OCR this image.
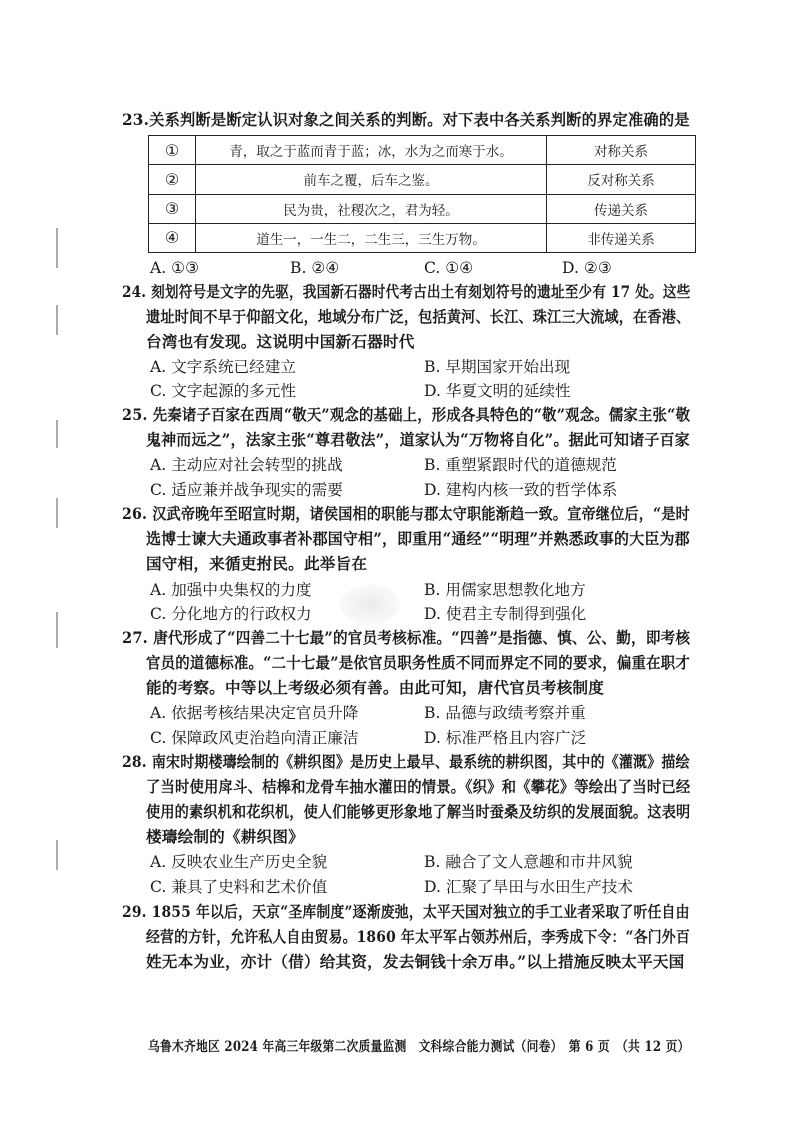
23.关系判断是断定认识对象之间关系的判断。对下表中各关系判断的界定准确的是
①	青，取之于蓝而青于蓝；冰，水为之而寒于水。	对称关系
②	前车之覆，后车之鉴。	反对称关系
③	民为贵，社稷次之，君为轻。	传递关系
④	道生一，一生二，二生三，三生万物。	非传递关系
A. ①③	B. ②④	C. ①④	D. ②③
24. 刻划符号是文字的先驱，我国新石器时代考古出土有刻划符号的遗址至少有 17 处。这些
遗址时间不早于仰韶文化，地域分布广泛，包括黄河、长江、珠江三大流域，在香港、
台湾也有发现。这说明中国新石器时代
A. 文字系统已经建立	B. 早期国家开始出现
C. 文字起源的多元性	D. 华夏文明的延续性
25. 先秦诸子百家在西周“敬天”观念的基础上，形成各具特色的“敬”观念。儒家主张“敬
鬼神而远之”，法家主张“尊君敬法”，道家认为“万物将自化”。据此可知诸子百家
A. 主动应对社会转型的挑战	B. 重塑紧跟时代的道德规范
C. 适应兼并战争现实的需要	D. 建构内核一致的哲学体系
26. 汉武帝晚年至昭宣时期，诸侯国相的职能与郡太守职能渐趋一致。宣帝继位后，“是时
选博士谏大夫通政事者补郡国守相”，即重用“通经”“明理”并熟悉政事的大臣为郡
国守相，来循吏拊民。此举旨在
A. 加强中央集权的力度	B. 用儒家思想教化地方
C. 分化地方的行政权力	D. 使君主专制得到强化
27. 唐代形成了“四善二十七最”的官员考核标准。“四善”是指德、慎、公、勤，即考核
官员的道德标准。“二十七最”是依官员职务性质不同而界定不同的要求，偏重在职才
能的考察。中等以上考级必须有善。由此可知，唐代官员考核制度
A. 依据考核结果决定官员升降	B. 品德与政绩考察并重
C. 保障政风吏治趋向清正廉洁	D. 标准严格且内容广泛
28. 南宋时期楼璹绘制的《耕织图》是历史上最早、最系统的耕织图，其中的《灌溉》描绘
了当时使用戽斗、桔槔和龙骨车抽水灌田的情景。《织》和《攀花》等绘出了当时已经
使用的素织机和花织机，使人们能够更形象地了解当时蚕桑及纺织的发展面貌。这表明
楼璹绘制的《耕织图》
A. 反映农业生产历史全貌	B. 融合了文人意趣和市井风貌
C. 兼具了史料和艺术价值	D. 汇聚了旱田与水田生产技术
29. 1855 年以后，天京“圣库制度”逐渐废弛，太平天国对独立的手工业者采取了听任自由
经营的方针，允许私人自由贸易。1860 年太平军占领苏州后，李秀成下令：“各门外百
姓无本为业，亦计（借）给其资，发去铜钱十余万串。”以上措施反映太平天国
乌鲁木齐地区 2024 年高三年级第二次质量监测　文科综合能力测试（问卷）　第 6 页　（共 12 页）
